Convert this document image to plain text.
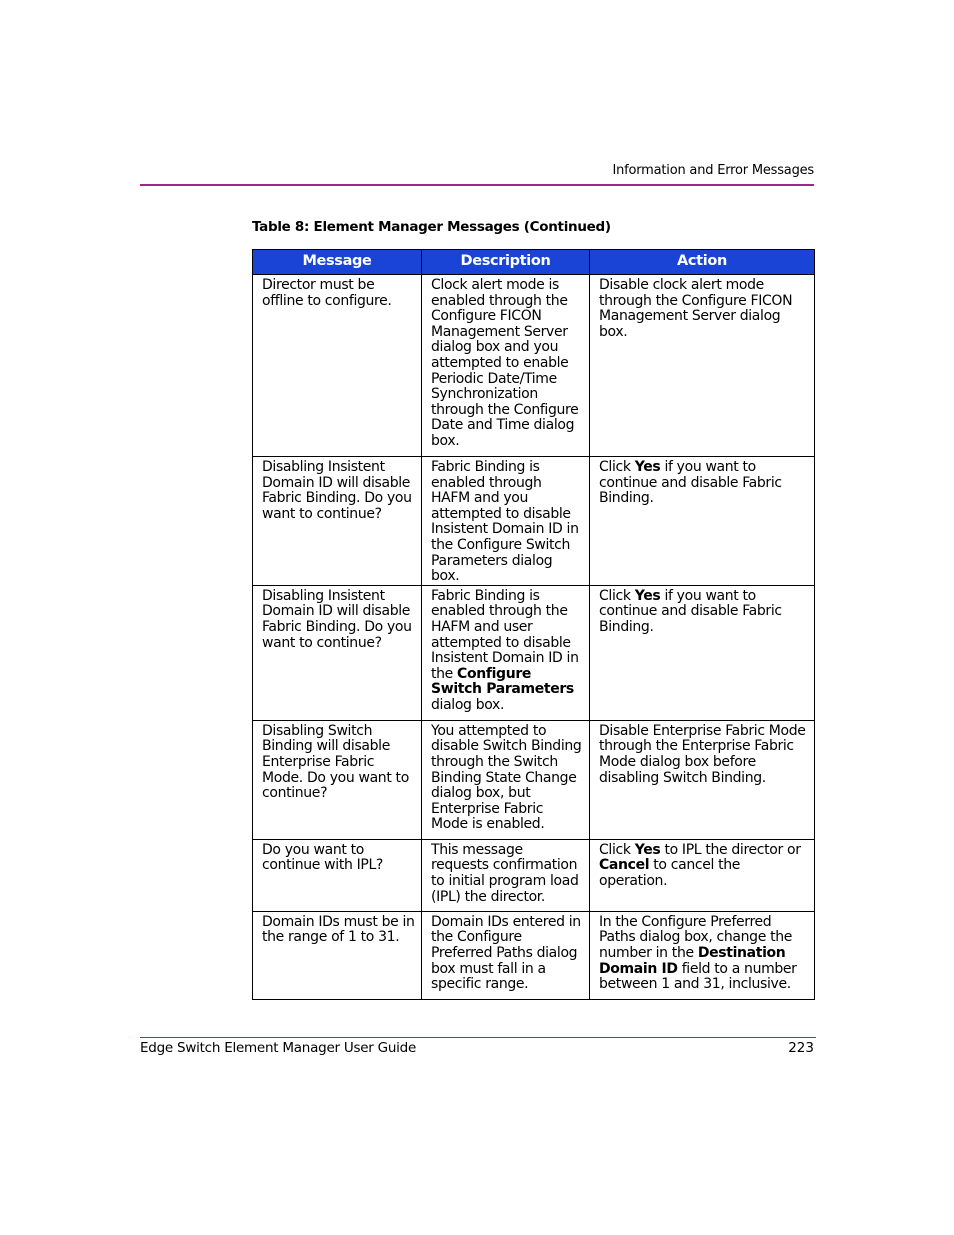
Information and Error Messages
Table 8: Element Manager Messages (Continued)
Message	Description	Action
Director must be offline to configure.	Clock alert mode is enabled through the Configure FICON Management Server dialog box and you attempted to enable Periodic Date/Time Synchronization through the Configure Date and Time dialog box.	Disable clock alert mode through the Configure FICON Management Server dialog box.
Disabling Insistent Domain ID will disable Fabric Binding. Do you want to continue?	Fabric Binding is enabled through HAFM and you attempted to disable Insistent Domain ID in the Configure Switch Parameters dialog box.	Click Yes if you want to continue and disable Fabric Binding.
Disabling Insistent Domain ID will disable Fabric Binding. Do you want to continue?	Fabric Binding is enabled through the HAFM and user attempted to disable Insistent Domain ID in the Configure Switch Parameters dialog box.	Click Yes if you want to continue and disable Fabric Binding.
Disabling Switch Binding will disable Enterprise Fabric Mode. Do you want to continue?	You attempted to disable Switch Binding through the Switch Binding State Change dialog box, but Enterprise Fabric Mode is enabled.	Disable Enterprise Fabric Mode through the Enterprise Fabric Mode dialog box before disabling Switch Binding.
Do you want to continue with IPL?	This message requests confirmation to initial program load (IPL) the director.	Click Yes to IPL the director or Cancel to cancel the operation.
Domain IDs must be in the range of 1 to 31.	Domain IDs entered in the Configure Preferred Paths dialog box must fall in a specific range.	In the Configure Preferred Paths dialog box, change the number in the Destination Domain ID field to a number between 1 and 31, inclusive.
Edge Switch Element Manager User Guide	223
